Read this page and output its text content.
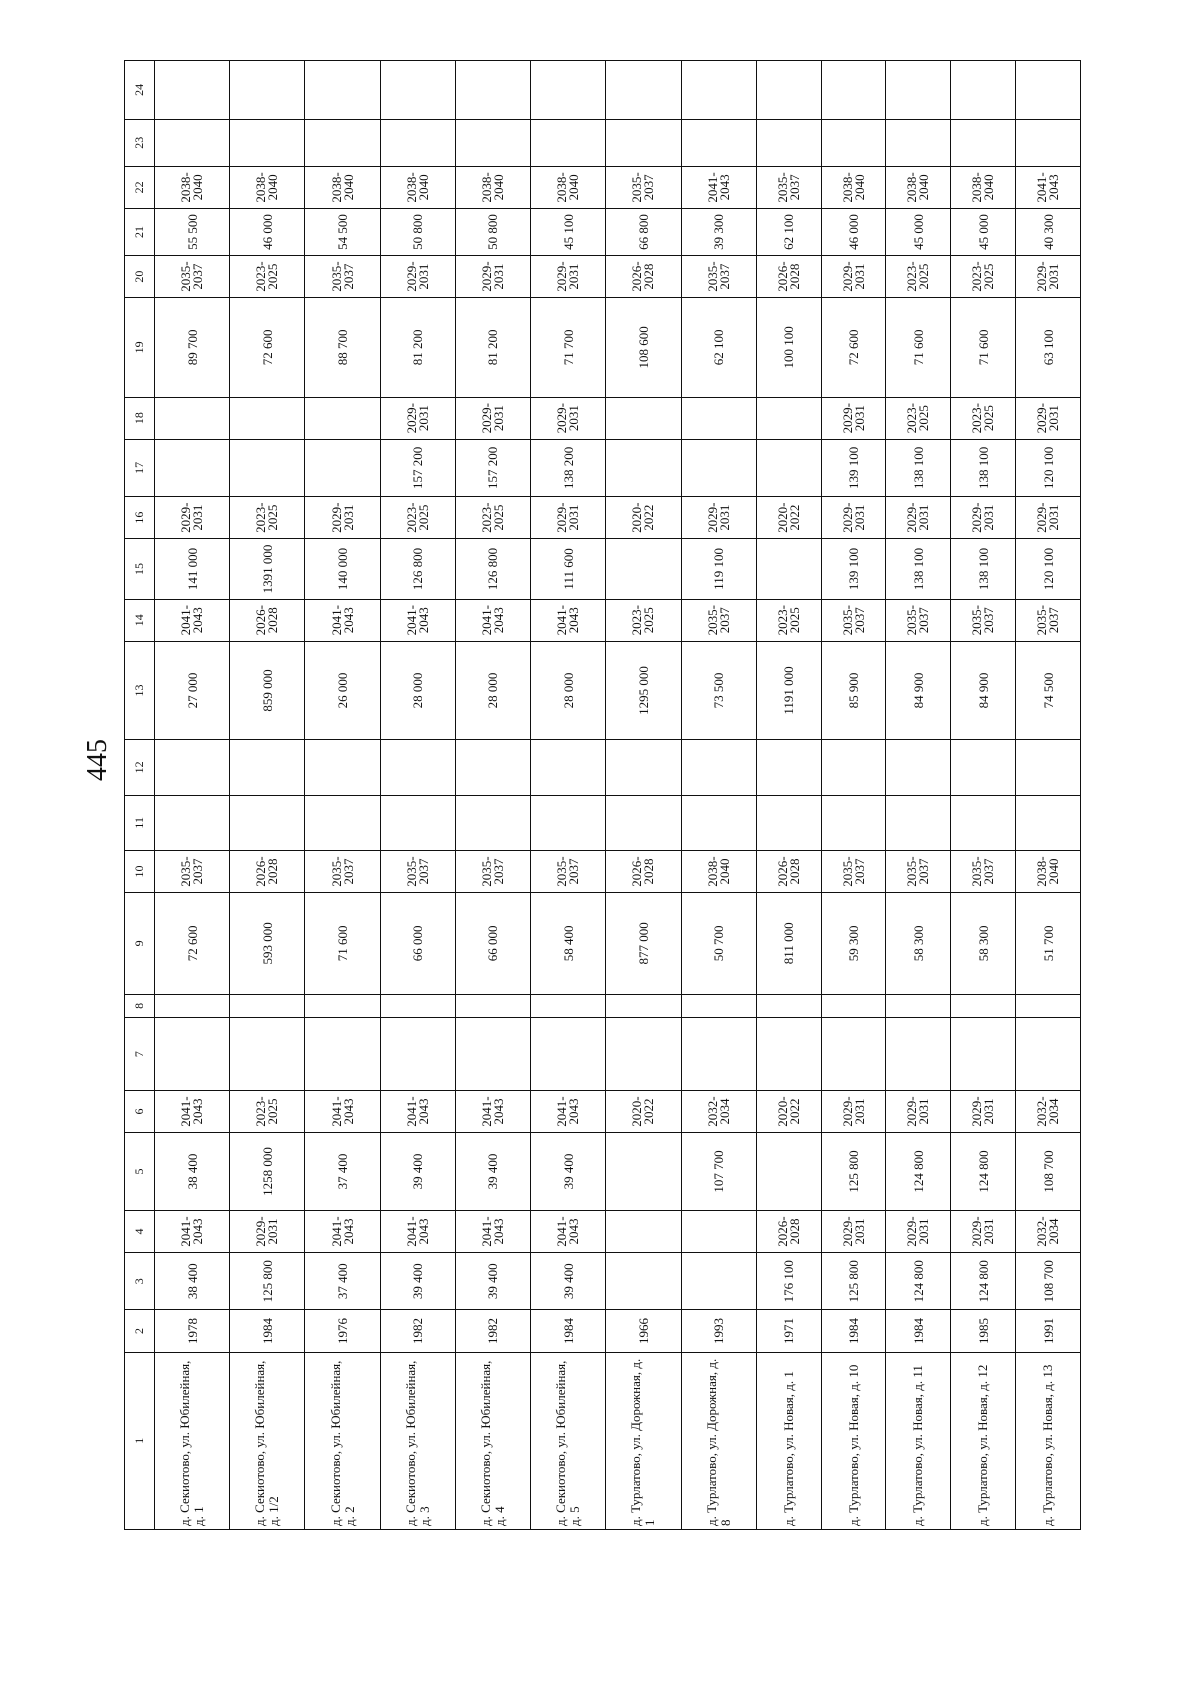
445
1	2	3	4	5	6	7	8	9	10	11	12	13	14	15	16	17	18	19	20	21	22	23	24
д. Секиотово, ул. Юбилейная, д. 1	1978	38 400	2041-2043	38 400	2041-2043			72 600	2035-2037			27 000	2041-2043	141 000	2029-2031			89 700	2035-2037	55 500	2038-2040		
д. Секиотово, ул. Юбилейная, д. 1/2	1984	125 800	2029-2031	1258 000	2023-2025			593 000	2026-2028			859 000	2026-2028	1391 000	2023-2025			72 600	2023-2025	46 000	2038-2040		
д. Секиотово, ул. Юбилейная, д. 2	1976	37 400	2041-2043	37 400	2041-2043			71 600	2035-2037			26 000	2041-2043	140 000	2029-2031			88 700	2035-2037	54 500	2038-2040		
д. Секиотово, ул. Юбилейная, д. 3	1982	39 400	2041-2043	39 400	2041-2043			66 000	2035-2037			28 000	2041-2043	126 800	2023-2025	157 200	2029-2031	81 200	2029-2031	50 800	2038-2040		
д. Секиотово, ул. Юбилейная, д. 4	1982	39 400	2041-2043	39 400	2041-2043			66 000	2035-2037			28 000	2041-2043	126 800	2023-2025	157 200	2029-2031	81 200	2029-2031	50 800	2038-2040		
д. Секиотово, ул. Юбилейная, д. 5	1984	39 400	2041-2043	39 400	2041-2043			58 400	2035-2037			28 000	2041-2043	111 600	2029-2031	138 200	2029-2031	71 700	2029-2031	45 100	2038-2040		
д. Турлатово, ул. Дорожная, д. 1	1966				2020-2022			877 000	2026-2028			1295 000	2023-2025		2020-2022			108 600	2026-2028	66 800	2035-2037		
д. Турлатово, ул. Дорожная, д. 8	1993			107 700	2032-2034			50 700	2038-2040			73 500	2035-2037	119 100	2029-2031			62 100	2035-2037	39 300	2041-2043		
д. Турлатово, ул. Новая, д. 1	1971	176 100	2026-2028		2020-2022			811 000	2026-2028			1191 000	2023-2025		2020-2022			100 100	2026-2028	62 100	2035-2037		
д. Турлатово, ул. Новая, д. 10	1984	125 800	2029-2031	125 800	2029-2031			59 300	2035-2037			85 900	2035-2037	139 100	2029-2031	139 100	2029-2031	72 600	2029-2031	46 000	2038-2040		
д. Турлатово, ул. Новая, д. 11	1984	124 800	2029-2031	124 800	2029-2031			58 300	2035-2037			84 900	2035-2037	138 100	2029-2031	138 100	2023-2025	71 600	2023-2025	45 000	2038-2040		
д. Турлатово, ул. Новая, д. 12	1985	124 800	2029-2031	124 800	2029-2031			58 300	2035-2037			84 900	2035-2037	138 100	2029-2031	138 100	2023-2025	71 600	2023-2025	45 000	2038-2040		
д. Турлатово, ул. Новая, д. 13	1991	108 700	2032-2034	108 700	2032-2034			51 700	2038-2040			74 500	2035-2037	120 100	2029-2031	120 100	2029-2031	63 100	2029-2031	40 300	2041-2043		
